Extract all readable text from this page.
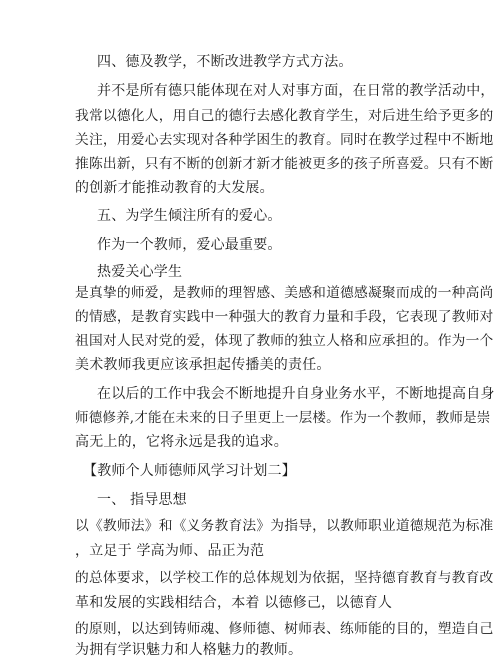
四、德及教学，不断改进教学方式方法。
并不是所有德只能体现在对人对事方面，在日常的教学活动中，
我常以德化人，用自己的德行去感化教育学生，对后进生给予更多的
关注，用爱心去实现对各种学困生的教育。同时在教学过程中不断地
推陈出新，只有不断的创新才新才能被更多的孩子所喜爱。只有不断
的创新才能推动教育的大发展。
五、为学生倾注所有的爱心。
作为一个教师，爱心最重要。
热爱关心学生
是真挚的师爱，是教师的理智感、美感和道德感凝聚而成的一种高尚
的情感，是教育实践中一种强大的教育力量和手段，它表现了教师对
祖国对人民对党的爱，体现了教师的独立人格和应承担的。作为一个
美术教师我更应该承担起传播美的责任。
在以后的工作中我会不断地提升自身业务水平，不断地提高自身
师德修养,才能在未来的日子里更上一层楼。作为一个教师，教师是崇
高无上的，它将永远是我的追求。
【教师个人师德师风学习计划二】
一、 指导思想
以《教师法》和《义务教育法》为指导，以教师职业道德规范为标准
，立足于 学高为师、品正为范
的总体要求，以学校工作的总体规划为依据，坚持德育教育与教育改
革和发展的实践相结合，本着 以德修己，以德育人
的原则，以达到铸师魂、修师德、树师表、练师能的目的，塑造自己
为拥有学识魅力和人格魅力的教师。
